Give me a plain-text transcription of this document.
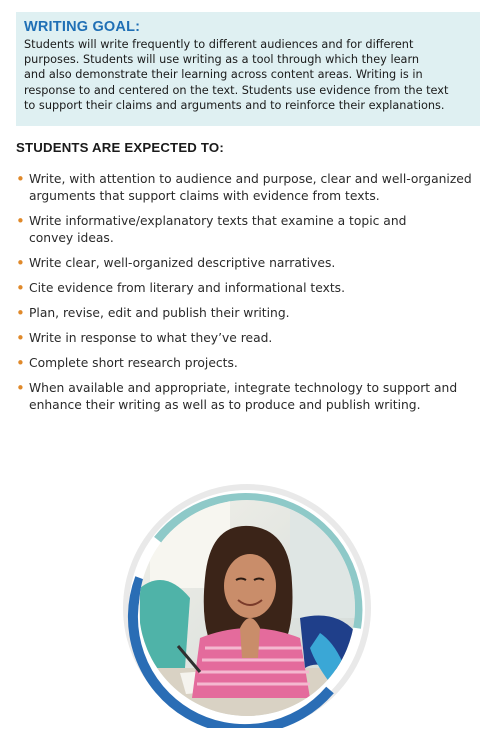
WRITING GOAL:

Students will write frequently to different audiences and for different
purposes. Students will use writing as a tool through which they learn
and also demonstrate their learning across content areas. Writing is in
response to and centered on the text. Students use evidence from the text
to support their claims and arguments and to reinforce their explanations.

STUDENTS ARE EXPECTED TO:

• Write, with attention to audience and purpose, clear and well-organized
arguments that support claims with evidence from texts.
• Write informative/explanatory texts that examine a topic and
convey ideas.
• Write clear, well-organized descriptive narratives.
• Cite evidence from literary and informational texts.
• Plan, revise, edit and publish their writing.
• Write in response to what they’ve read.
• Complete short research projects.
• When available and appropriate, integrate technology to support and
enhance their writing as well as to produce and publish writing.
